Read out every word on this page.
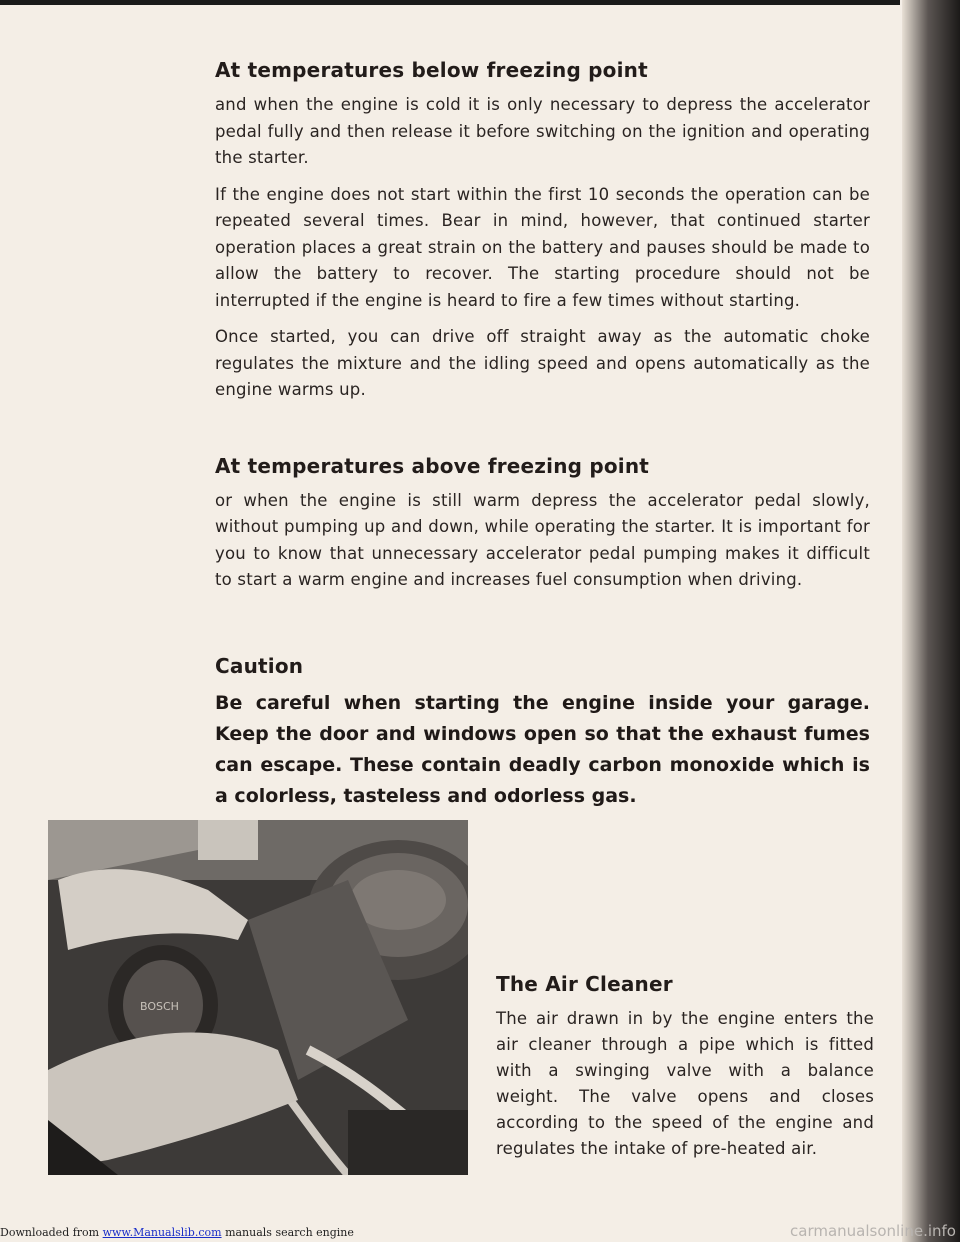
At temperatures below freezing point

and when the engine is cold it is only necessary to depress the accelerator pedal fully and then release it before switching on the ignition and operating the starter.

If the engine does not start within the first 10 seconds the operation can be repeated several times. Bear in mind, however, that continued starter operation places a great strain on the battery and pauses should be made to allow the battery to recover. The starting procedure should not be interrupted if the engine is heard to fire a few times without starting.

Once started, you can drive off straight away as the automatic choke regulates the mixture and the idling speed and opens automatically as the engine warms up.

At temperatures above freezing point

or when the engine is still warm depress the accelerator pedal slowly, without pumping up and down, while operating the starter. It is important for you to know that unnecessary accelerator pedal pumping makes it difficult to start a warm engine and increases fuel consumption when driving.

Caution

Be careful when starting the engine inside your garage. Keep the door and windows open so that the exhaust fumes can escape. These contain deadly carbon monoxide which is a colorless, tasteless and odorless gas.

BOSCH
The Air Cleaner

The air drawn in by the engine enters the air cleaner through a pipe which is fitted with a swinging valve with a balance weight. The valve opens and closes according to the speed of the engine and regulates the intake of pre-heated air.

Downloaded from www.Manualslib.com manuals search engine	carmanualsonline.info
